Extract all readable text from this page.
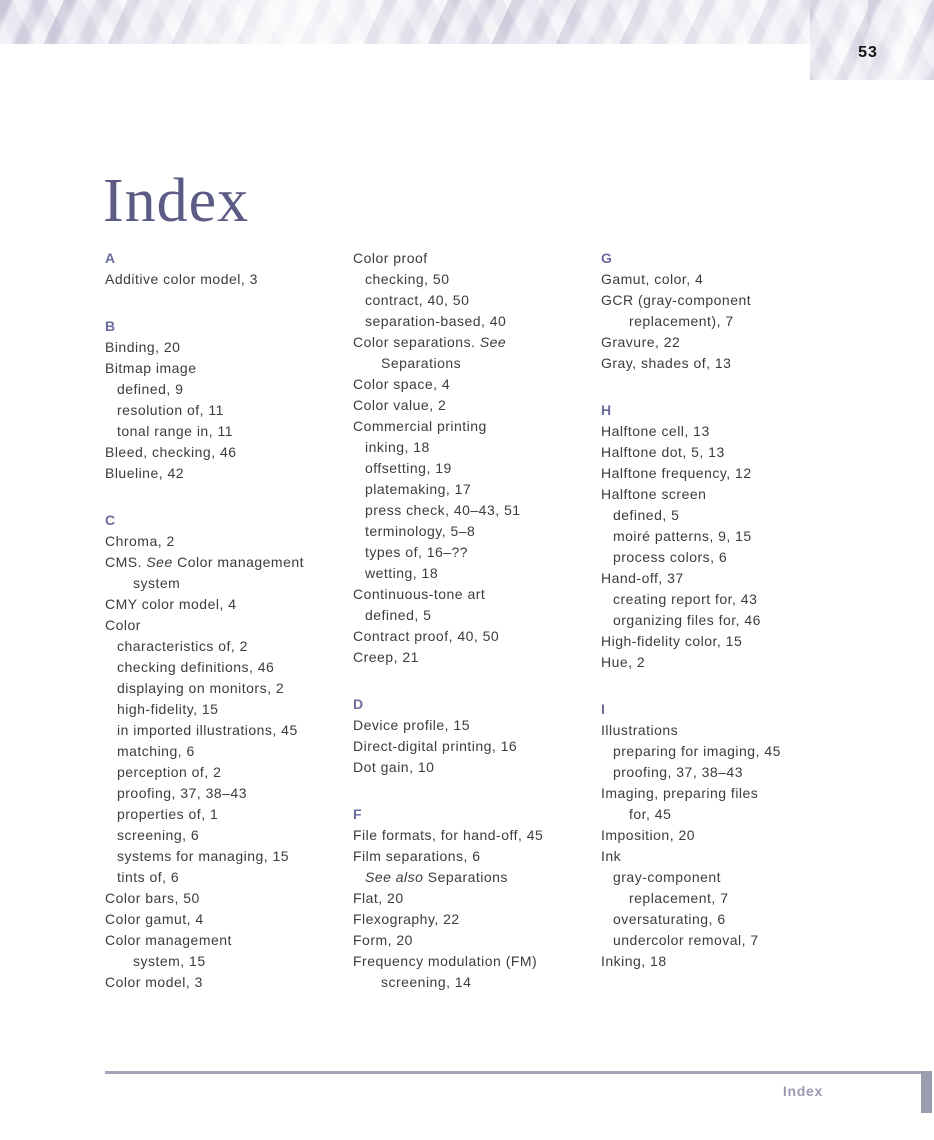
53
Index
A
Additive color model, 3
B
Binding, 20
Bitmap image
defined, 9
resolution of, 11
tonal range in, 11
Bleed, checking, 46
Blueline, 42
C
Chroma, 2
CMS. See Color management
system
CMY color model, 4
Color
characteristics of, 2
checking definitions, 46
displaying on monitors, 2
high-fidelity, 15
in imported illustrations, 45
matching, 6
perception of, 2
proofing, 37, 38–43
properties of, 1
screening, 6
systems for managing, 15
tints of, 6
Color bars, 50
Color gamut, 4
Color management
system, 15
Color model, 3
Color proof
checking, 50
contract, 40, 50
separation-based, 40
Color separations. See
Separations
Color space, 4
Color value, 2
Commercial printing
inking, 18
offsetting, 19
platemaking, 17
press check, 40–43, 51
terminology, 5–8
types of, 16–??
wetting, 18
Continuous-tone art
defined, 5
Contract proof, 40, 50
Creep, 21
D
Device profile, 15
Direct-digital printing, 16
Dot gain, 10
F
File formats, for hand-off, 45
Film separations, 6
See also Separations
Flat, 20
Flexography, 22
Form, 20
Frequency modulation (FM)
screening, 14
G
Gamut, color, 4
GCR (gray-component
replacement), 7
Gravure, 22
Gray, shades of, 13
H
Halftone cell, 13
Halftone dot, 5, 13
Halftone frequency, 12
Halftone screen
defined, 5
moiré patterns, 9, 15
process colors, 6
Hand-off, 37
creating report for, 43
organizing files for, 46
High-fidelity color, 15
Hue, 2
I
Illustrations
preparing for imaging, 45
proofing, 37, 38–43
Imaging, preparing files
for, 45
Imposition, 20
Ink
gray-component
replacement, 7
oversaturating, 6
undercolor removal, 7
Inking, 18
Index
